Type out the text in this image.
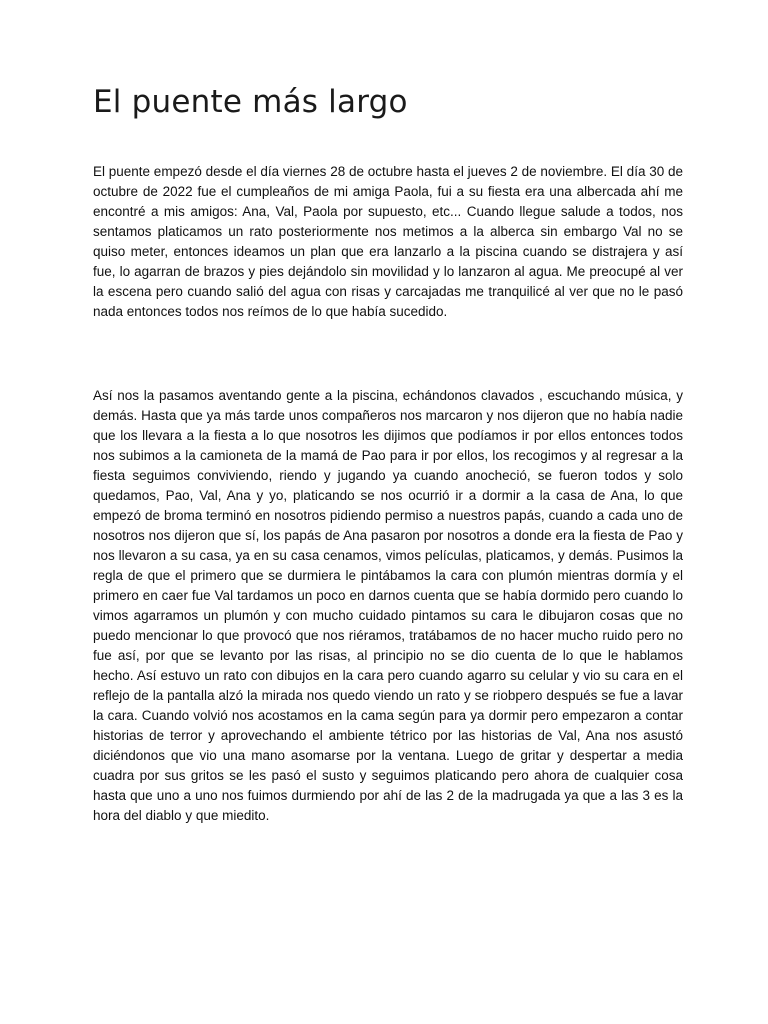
El puente más largo

El puente empezó desde el día viernes 28 de octubre hasta el jueves 2 de noviembre. El día 30 de octubre de 2022 fue el cumpleaños de mi amiga Paola, fui a su fiesta era una albercada ahí me encontré a mis amigos: Ana, Val, Paola por supuesto, etc... Cuando llegue salude a todos, nos sentamos platicamos un rato posteriormente nos metimos a la alberca sin embargo Val no se quiso meter, entonces ideamos un plan que era lanzarlo a la piscina cuando se distrajera y así fue, lo agarran de brazos y pies dejándolo sin movilidad y lo lanzaron al agua. Me preocupé al ver la escena pero cuando salió del agua con risas y carcajadas me tranquilicé al ver que no le pasó nada entonces todos nos reímos de lo que había sucedido.

Así nos la pasamos aventando gente a la piscina, echándonos clavados , escuchando música, y demás. Hasta que ya más tarde unos compañeros nos marcaron y nos dijeron que no había nadie que los llevara a la fiesta a lo que nosotros les dijimos que podíamos ir por ellos entonces todos nos subimos a la camioneta de la mamá de Pao para ir por ellos, los recogimos y al regresar a la fiesta seguimos conviviendo, riendo y jugando ya cuando anocheció, se fueron todos y solo quedamos, Pao, Val, Ana y yo, platicando se nos ocurrió ir a dormir a la casa de Ana, lo que empezó de broma terminó en nosotros pidiendo permiso a nuestros papás, cuando a cada uno de nosotros nos dijeron que sí, los papás de Ana pasaron por nosotros a donde era la fiesta de Pao y nos llevaron a su casa, ya en su casa cenamos, vimos películas, platicamos, y demás. Pusimos la regla de que el primero que se durmiera le pintábamos la cara con plumón mientras dormía y el primero en caer fue Val tardamos un poco en darnos cuenta que se había dormido pero cuando lo vimos agarramos un plumón y con mucho cuidado pintamos su cara le dibujaron cosas que no puedo mencionar lo que provocó que nos riéramos, tratábamos de no hacer mucho ruido pero no fue así, por que se levanto por las risas, al principio no se dio cuenta de lo que le hablamos hecho. Así estuvo un rato con dibujos en la cara pero cuando agarro su celular y vio su cara en el reflejo de la pantalla alzó la mirada nos quedo viendo un rato y se riobpero después se fue a lavar la cara. Cuando volvió nos acostamos en la cama según para ya dormir pero empezaron a contar historias de terror y aprovechando el ambiente tétrico por las historias de Val, Ana nos asustó diciéndonos que vio una mano asomarse por la ventana. Luego de gritar y despertar a media cuadra por sus gritos se les pasó el susto y seguimos platicando pero ahora de cualquier cosa hasta que uno a uno nos fuimos durmiendo por ahí de las 2 de la madrugada ya que a las 3 es la hora del diablo y que miedito.
